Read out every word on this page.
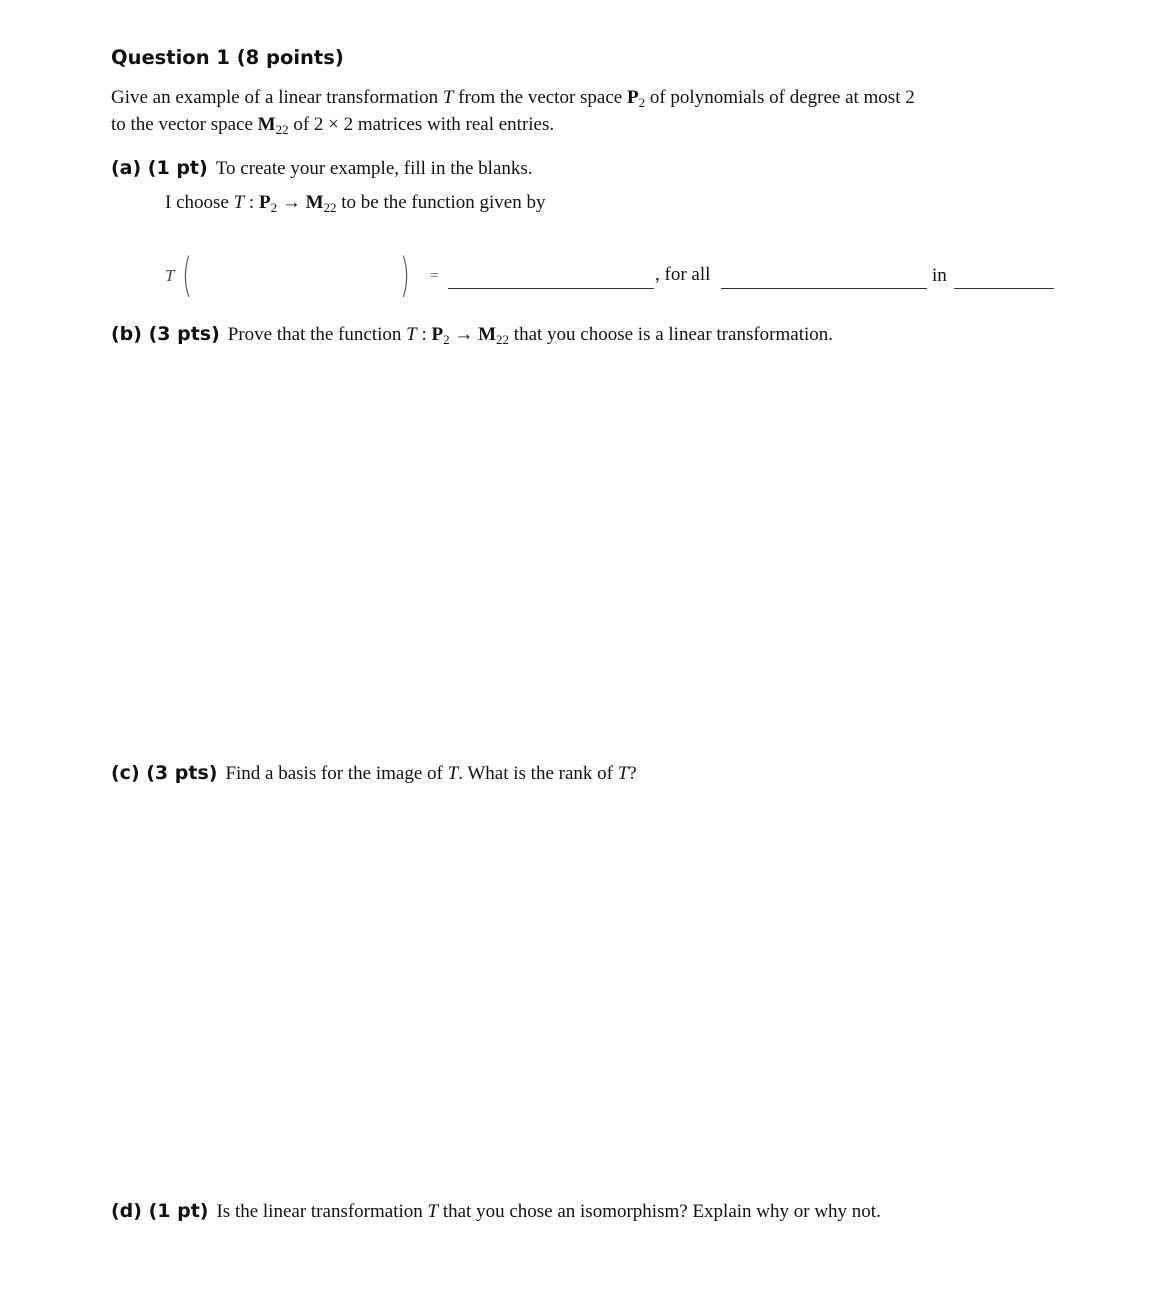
Question 1 (8 points)
Give an example of a linear transformation T from the vector space $P_2$ of polynomials of degree at most 2
to the vector space $M_{22}$ of 2 × 2 matrices with real entries.
(a) (1 pt) To create your example, fill in the blanks.
I choose T : $P_2 \to M_{22}$ to be the function given by
T (	) =	, for all	in
(b) (3 pts) Prove that the function T : $P_2 \to M_{22}$ that you choose is a linear transformation.
(c) (3 pts) Find a basis for the image of T. What is the rank of T?
(d) (1 pt) Is the linear transformation T that you chose an isomorphism? Explain why or why not.
